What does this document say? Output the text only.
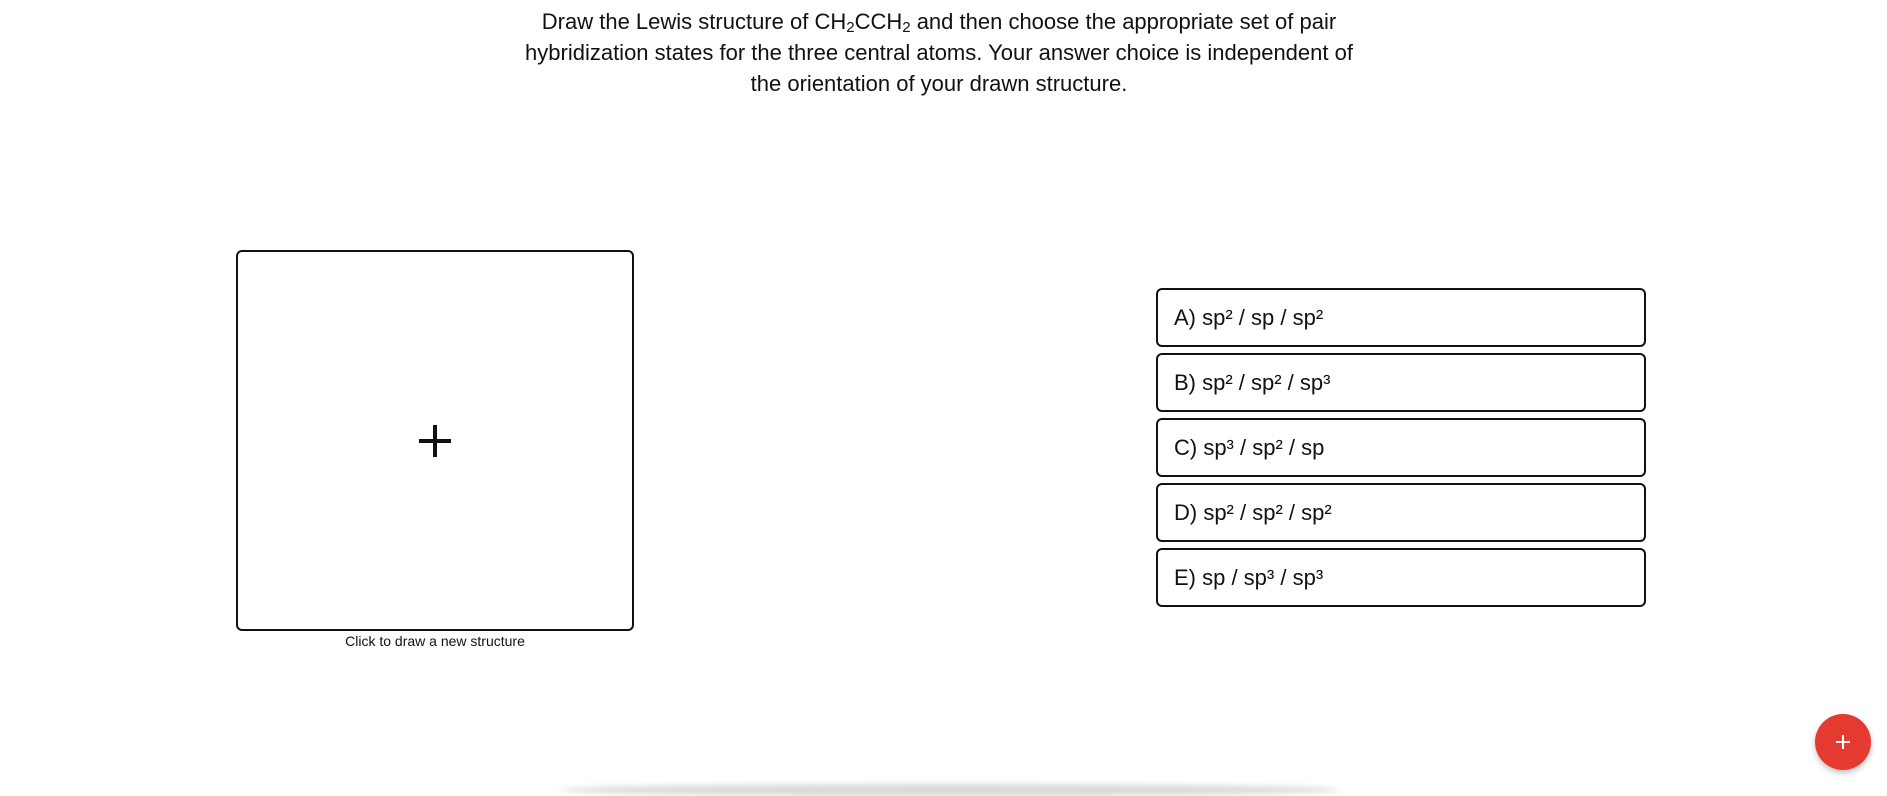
Draw the Lewis structure of $CH_2CCH_2$ and then choose the appropriate set of pair hybridization states for the three central atoms. Your answer choice is independent of the orientation of your drawn structure.
Click to draw a new structure
A) sp² / sp / sp²
B) sp² / sp² / sp³
C) sp³ / sp² / sp
D) sp² / sp² / sp²
E) sp / sp³ / sp³
